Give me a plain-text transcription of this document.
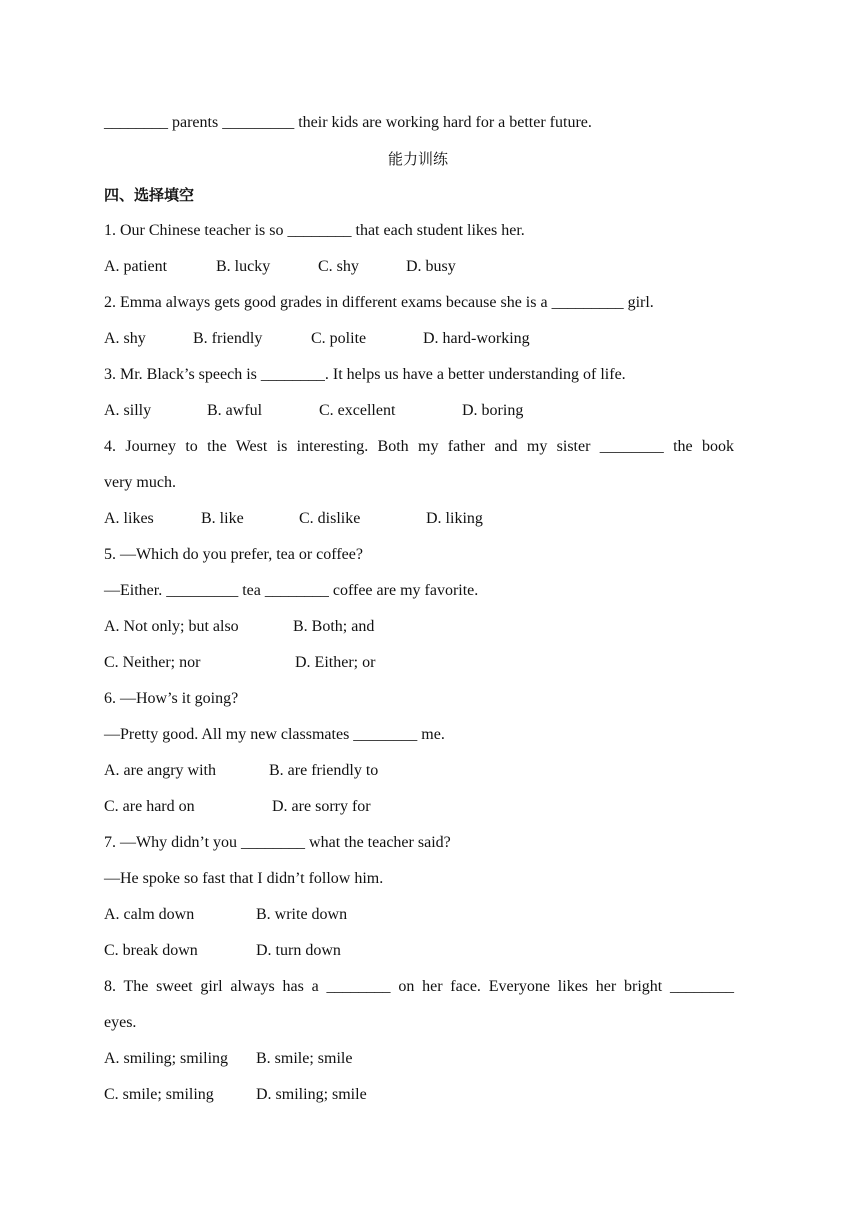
________ parents _________ their kids are working hard for a better future.
能力训练
四、选择填空
1. Our Chinese teacher is so ________ that each student likes her.
A. patient	B. lucky	C. shy	D. busy
2. Emma always gets good grades in different exams because she is a _________ girl.
A. shy	B. friendly	C. polite	D. hard-working
3. Mr. Black’s speech is ________. It helps us have a better understanding of life.
A. silly	B. awful	C. excellent	D. boring
4. Journey to the West is interesting. Both my father and my sister ________ the book
very much.
A. likes	B. like	C. dislike	D. liking
5. —Which do you prefer, tea or coffee?
—Either. _________ tea ________ coffee are my favorite.
A. Not only; but also	B. Both; and
C. Neither; nor	D. Either; or
6. —How’s it going?
—Pretty good. All my new classmates ________ me.
A. are angry with	B. are friendly to
C. are hard on	D. are sorry for
7. —Why didn’t you ________ what the teacher said?
—He spoke so fast that I didn’t follow him.
A. calm down	B. write down
C. break down	D. turn down
8. The sweet girl always has a ________ on her face. Everyone likes her bright ________
eyes.
A. smiling; smiling B. smile; smile
C. smile; smiling	D. smiling; smile
